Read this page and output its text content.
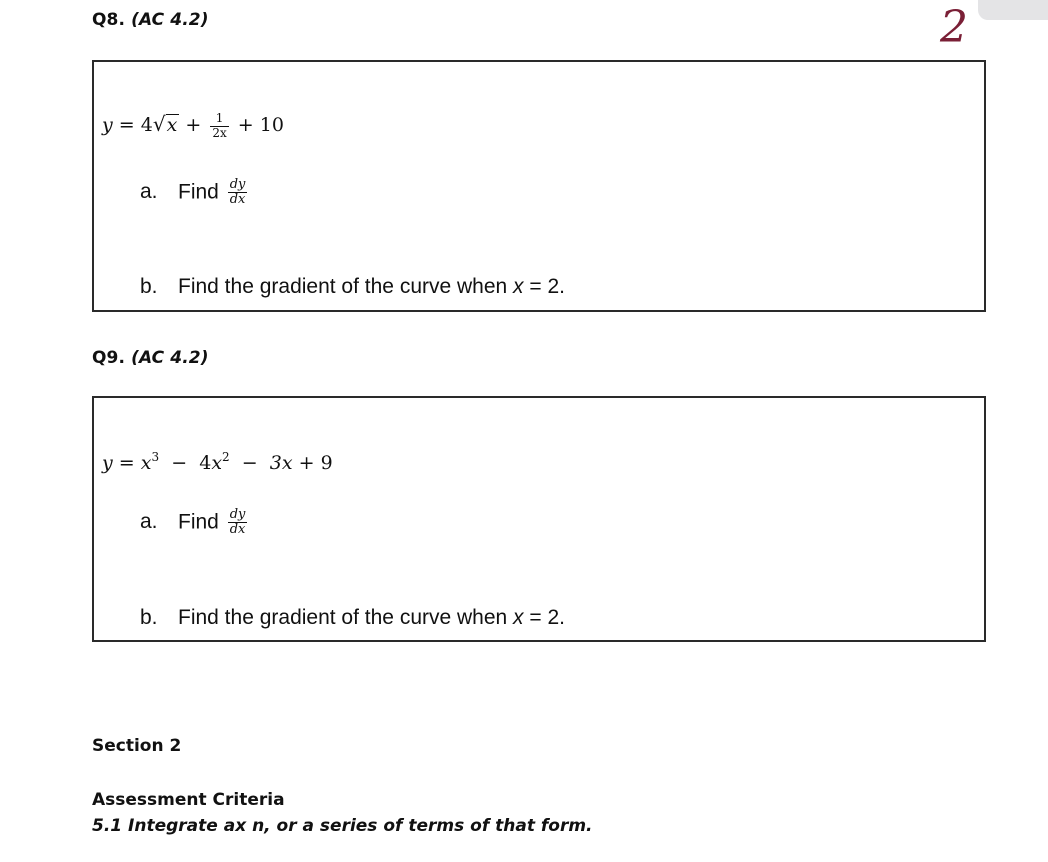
2
Q8. (AC 4.2)
$y = 4√x + \frac{1}{2x} + 10$
a. Find $\frac{dy}{dx}$
b. Find the gradient of the curve when x = 2.
Q9. (AC 4.2)
$y = x^3 - 4x^2 - 3x + 9$
a. Find $\frac{dy}{dx}$
b. Find the gradient of the curve when x = 2.
Section 2
Assessment Criteria
5.1 Integrate ax n, or a series of terms of that form.
